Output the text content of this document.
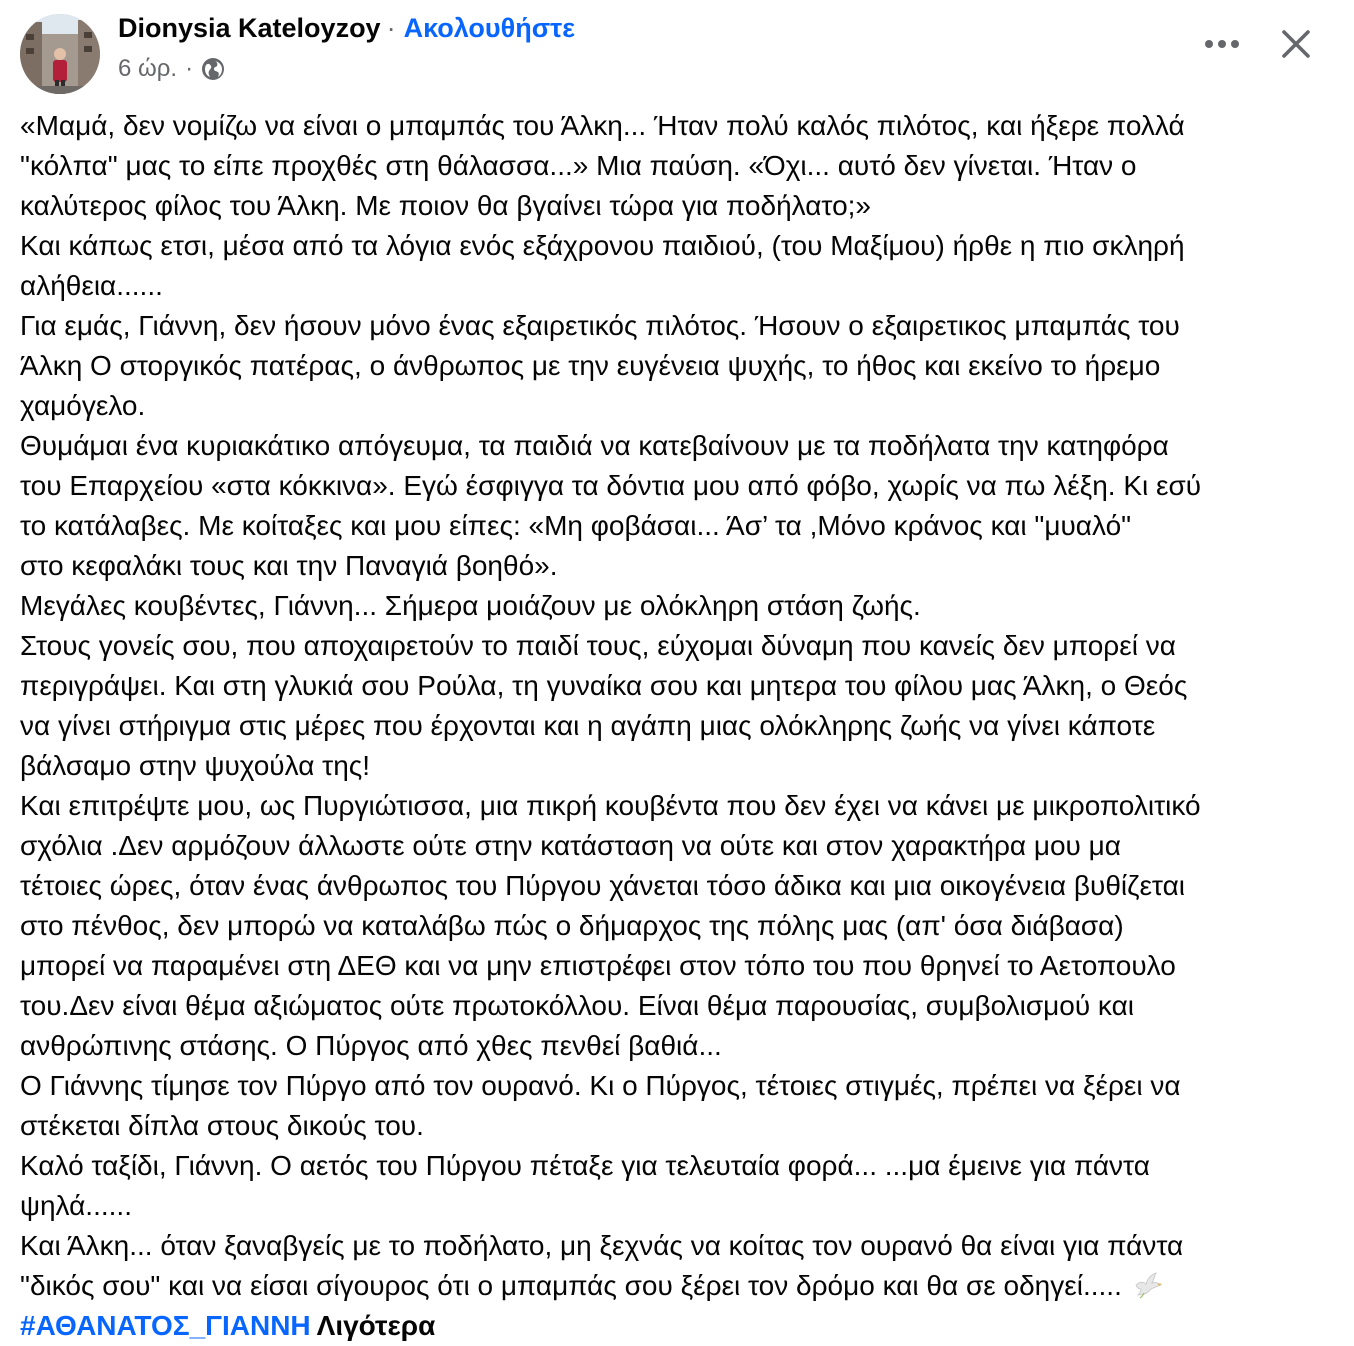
Dionysia Kateloyzoy · Ακολουθήστε
6 ώρ. ·

«Μαμά, δεν νομίζω να είναι ο μπαμπάς του Άλκη... Ήταν πολύ καλός πιλότος, και ήξερε πολλά

"κόλπα" μας το είπε προχθές στη θάλασσα...» Μια παύση. «Όχι... αυτό δεν γίνεται. Ήταν ο

καλύτερος φίλος του Άλκη. Με ποιον θα βγαίνει τώρα για ποδήλατο;»

Και κάπως ετσι, μέσα από τα λόγια ενός εξάχρονου παιδιού, (του Μαξίμου) ήρθε η πιο σκληρή

αλήθεια......

Για εμάς, Γιάννη, δεν ήσουν μόνο ένας εξαιρετικός πιλότος. Ήσουν ο εξαιρετικος μπαμπάς του

Άλκη Ο στοργικός πατέρας, ο άνθρωπος με την ευγένεια ψυχής, το ήθος και εκείνο το ήρεμο

χαμόγελο.

Θυμάμαι ένα κυριακάτικο απόγευμα, τα παιδιά να κατεβαίνουν με τα ποδήλατα την κατηφόρα

του Επαρχείου «στα κόκκινα». Εγώ έσφιγγα τα δόντια μου από φόβο, χωρίς να πω λέξη. Κι εσύ

το κατάλαβες. Με κοίταξες και μου είπες: «Μη φοβάσαι... Άσ’ τα ,Μόνο κράνος και "μυαλό"

στο κεφαλάκι τους και την Παναγιά βοηθό».

Μεγάλες κουβέντες, Γιάννη... Σήμερα μοιάζουν με ολόκληρη στάση ζωής.

Στους γονείς σου, που αποχαιρετούν το παιδί τους, εύχομαι δύναμη που κανείς δεν μπορεί να

περιγράψει. Και στη γλυκιά σου Ρούλα, τη γυναίκα σου και μητερα του φίλου μας Άλκη, ο Θεός

να γίνει στήριγμα στις μέρες που έρχονται και η αγάπη μιας ολόκληρης ζωής να γίνει κάποτε

βάλσαμο στην ψυχούλα της!

Και επιτρέψτε μου, ως Πυργιώτισσα, μια πικρή κουβέντα που δεν έχει να κάνει με μικροπολιτικό

σχόλια .Δεν αρμόζουν άλλωστε ούτε στην κατάσταση να ούτε και στον χαρακτήρα μου μα

τέτοιες ώρες, όταν ένας άνθρωπος του Πύργου χάνεται τόσο άδικα και μια οικογένεια βυθίζεται

στο πένθος, δεν μπορώ να καταλάβω πώς ο δήμαρχος της πόλης μας (απ' όσα διάβασα)

μπορεί να παραμένει στη ΔΕΘ και να μην επιστρέφει στον τόπο του που θρηνεί το Αετοπουλο

του.Δεν είναι θέμα αξιώματος ούτε πρωτοκόλλου. Είναι θέμα παρουσίας, συμβολισμού και

ανθρώπινης στάσης. Ο Πύργος από χθες πενθεί βαθιά...

Ο Γιάννης τίμησε τον Πύργο από τον ουρανό. Κι ο Πύργος, τέτοιες στιγμές, πρέπει να ξέρει να

στέκεται δίπλα στους δικούς του.

Καλό ταξίδι, Γιάννη. Ο αετός του Πύργου πέταξε για τελευταία φορά... ...μα έμεινε για πάντα

ψηλά......

Και Άλκη... όταν ξαναβγείς με το ποδήλατο, μη ξεχνάς να κοίτας τον ουρανό θα είναι για πάντα

"δικός σου" και να είσαι σίγουρος ότι ο μπαμπάς σου ξέρει τον δρόμο και θα σε οδηγεί.....

#ΑΘΑΝΑΤΟΣ_ΓΙΑΝΝΗ Λιγότερα
